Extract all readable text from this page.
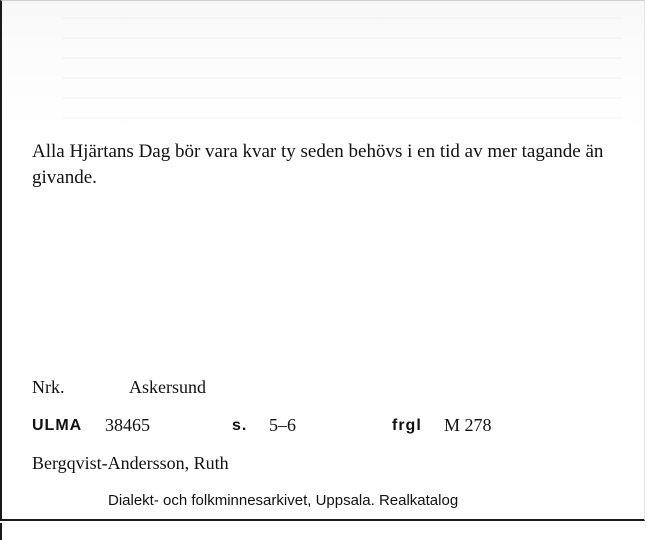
Alla Hjärtans Dag bör vara kvar ty seden behövs i en tid av mer tagande än givande.
Nrk.	Askersund
ULMA 38465	s. 5–6	frgl M 278
Bergqvist-Andersson, Ruth
Dialekt- och folkminnesarkivet, Uppsala. Realkatalog
